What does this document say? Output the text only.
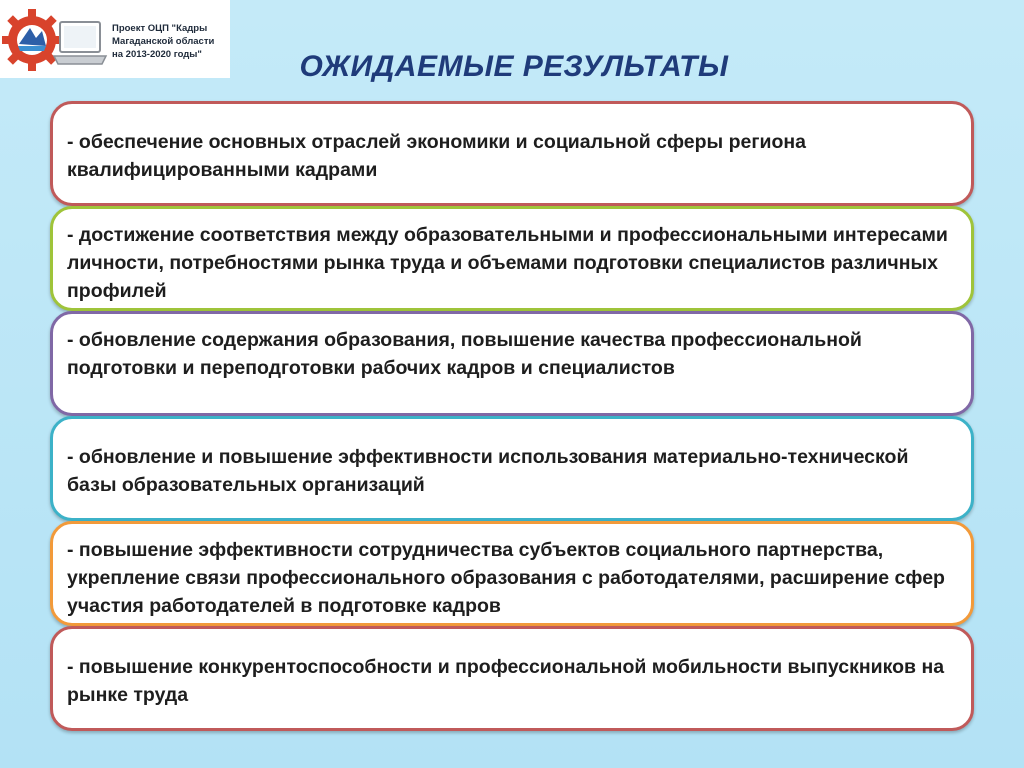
Проект ОЦП "Кадры Магаданской области на 2013-2020 годы"	ОЖИДАЕМЫЕ РЕЗУЛЬТАТЫ
- обеспечение основных отраслей экономики и социальной сферы региона квалифицированными кадрами
- достижение соответствия между образовательными и профессиональными интересами личности, потребностями рынка труда и объемами подготовки специалистов различных профилей
- обновление содержания образования, повышение качества профессиональной подготовки и переподготовки рабочих кадров и специалистов
- обновление и повышение эффективности использования материально-технической базы образовательных организаций
- повышение эффективности сотрудничества субъектов социального партнерства, укрепление связи профессионального образования с работодателями, расширение сфер участия работодателей в подготовке кадров
- повышение конкурентоспособности и профессиональной мобильности выпускников на рынке труда
